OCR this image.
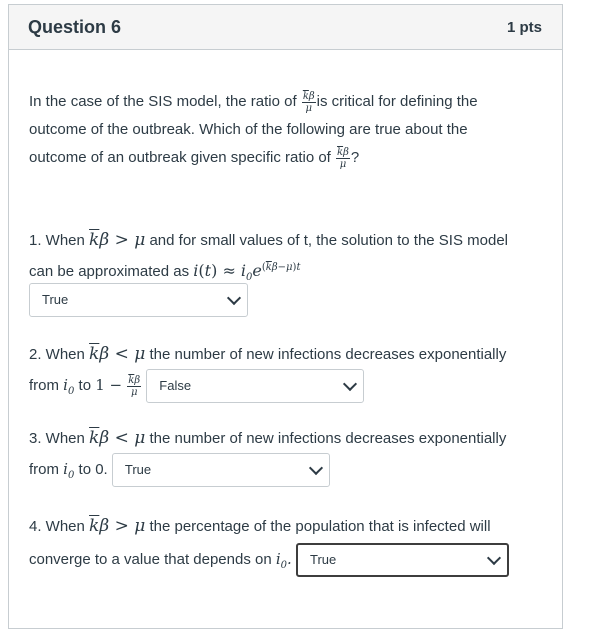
Question 6	1 pts
In the case of the SIS model, the ratio of $\frac{\overline{k}\beta}{\mu}$ is critical for defining the
outcome of the outbreak. Which of the following are true about the
outcome of an outbreak given specific ratio of $\frac{\overline{k}\beta}{\mu}$ ?
1. When $\overline{k}\beta > \mu$ and for small values of t, the solution to the SIS model
can be approximated as $i(t) \approx i_0e^{(\overline{k}\beta-\mu)t}$
True
2. When $\overline{k}\beta < \mu$ the number of new infections decreases exponentially
from $i_0$ to $1 - \frac{\overline{k}\beta}{\mu}$
False
3. When $\overline{k}\beta < \mu$ the number of new infections decreases exponentially
from $i_0$ to 0. True
4. When $\overline{k}\beta > \mu$ the percentage of the population that is infected will
converge to a value that depends on $i_0$. True
